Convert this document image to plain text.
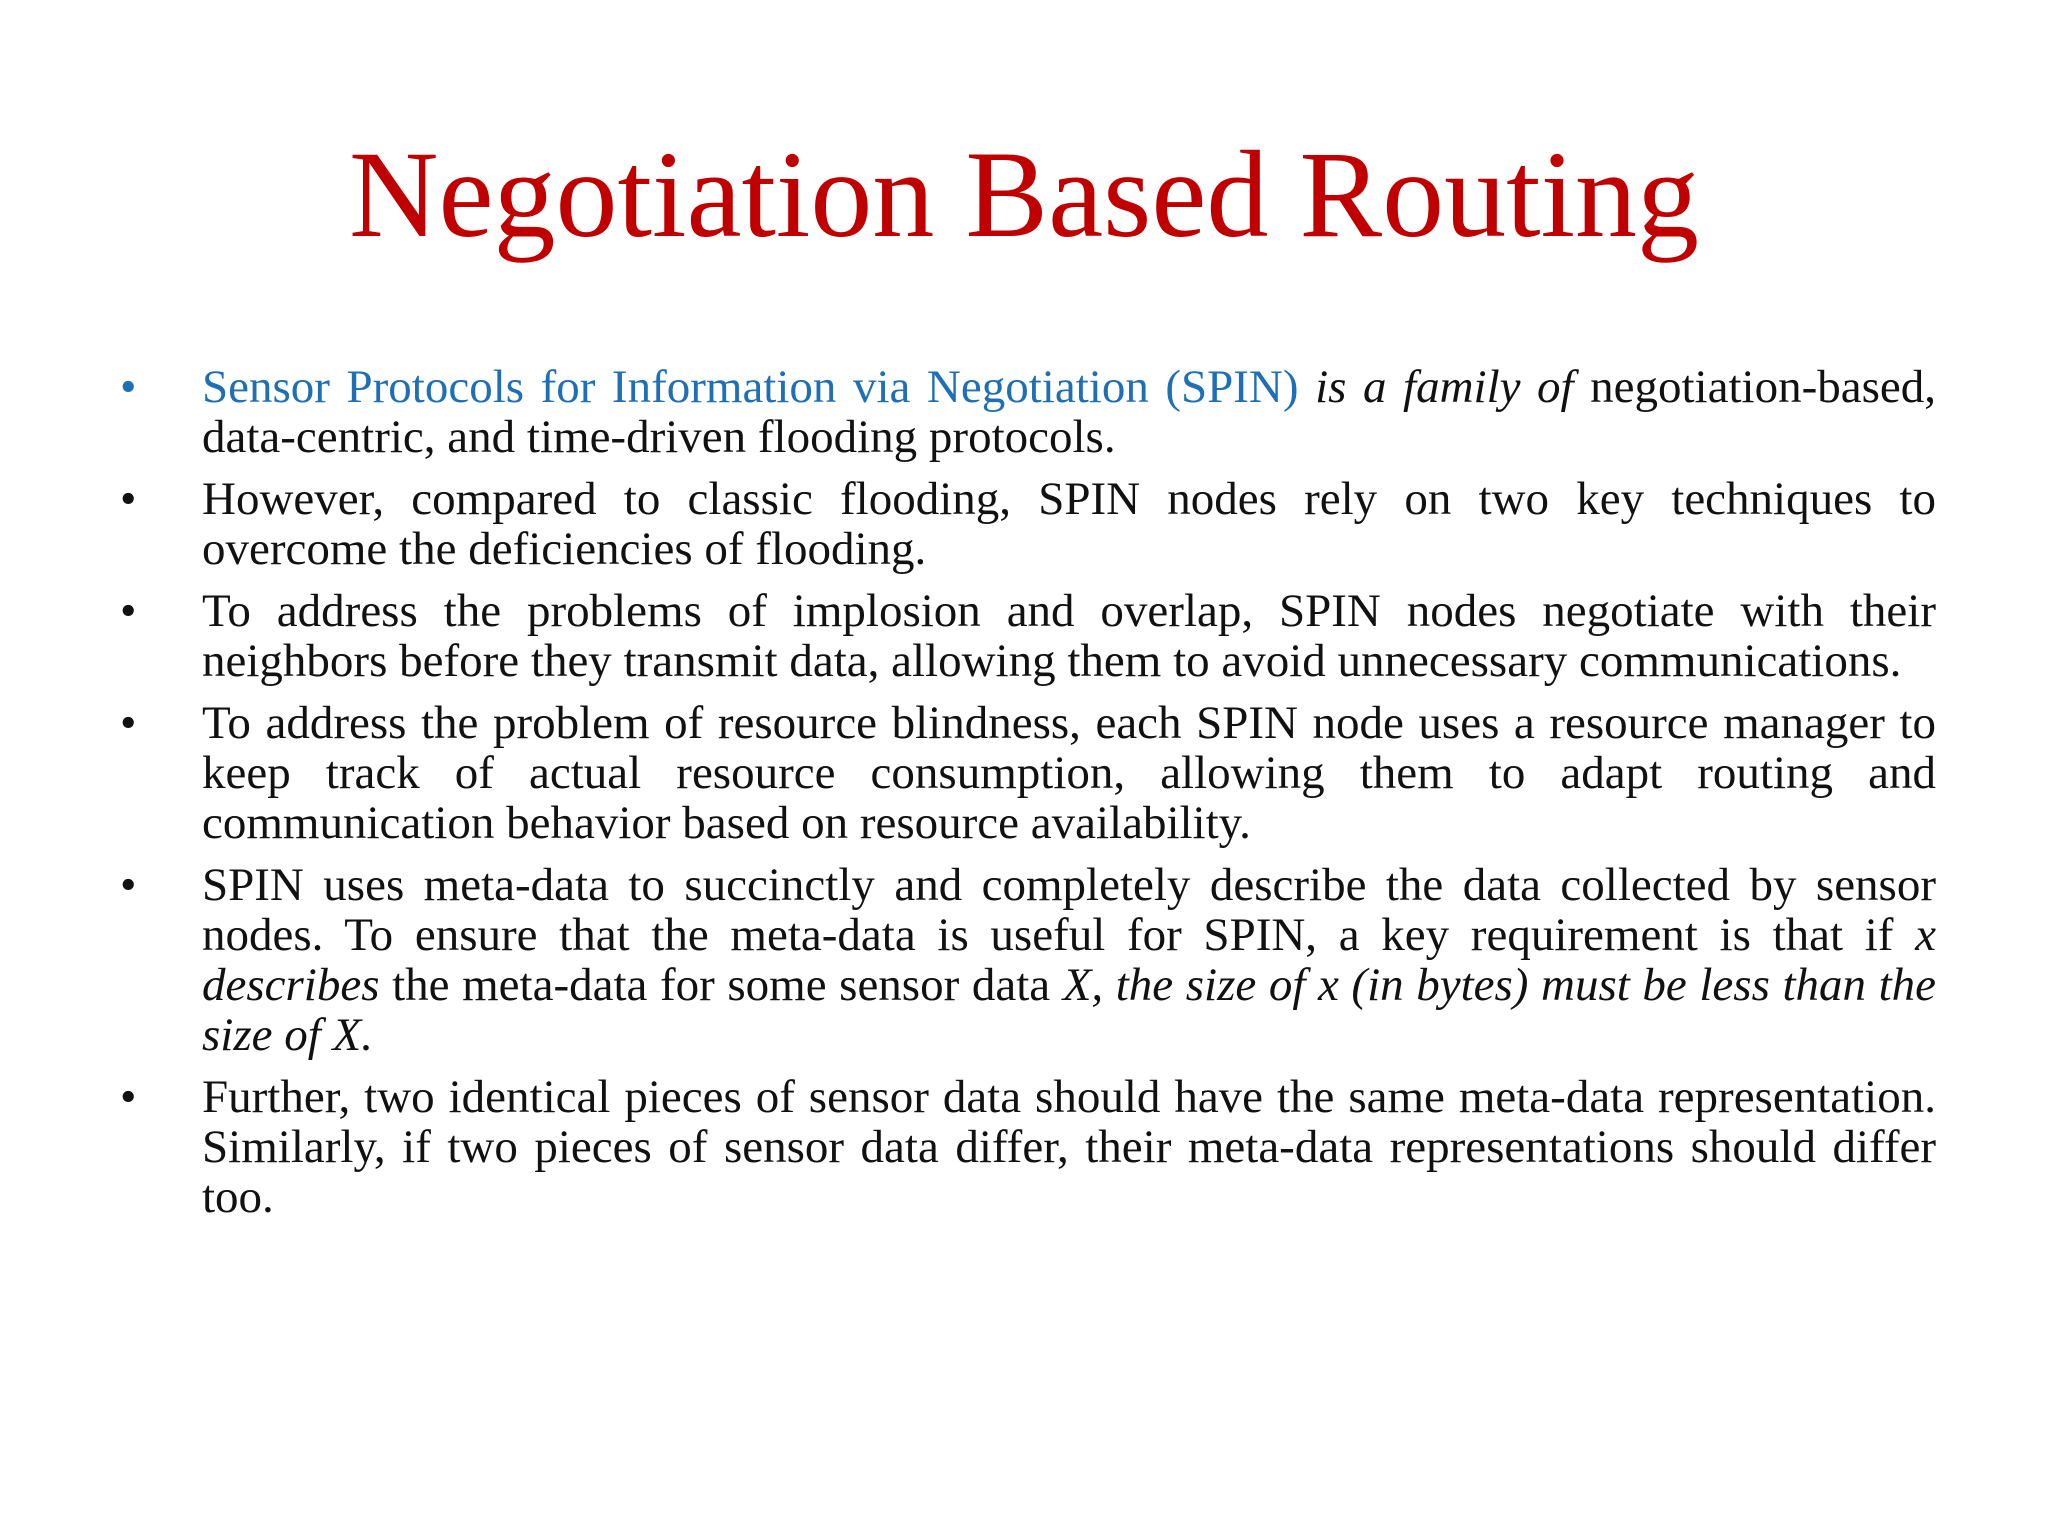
Negotiation Based Routing
•	Sensor Protocols for Information via Negotiation (SPIN) is a family of negotiation-based, data-centric, and time-driven flooding protocols.
•	However, compared to classic flooding, SPIN nodes rely on two key techniques to overcome the deficiencies of flooding.
•	To address the problems of implosion and overlap, SPIN nodes negotiate with their neighbors before they transmit data, allowing them to avoid unnecessary communications.
•	To address the problem of resource blindness, each SPIN node uses a resource manager to keep track of actual resource consumption, allowing them to adapt routing and communication behavior based on resource availability.
•	SPIN uses meta-data to succinctly and completely describe the data collected by sensor nodes. To ensure that the meta-data is useful for SPIN, a key requirement is that if x describes the meta-data for some sensor data X, the size of x (in bytes) must be less than the size of X.
•	Further, two identical pieces of sensor data should have the same meta-data representation. Similarly, if two pieces of sensor data differ, their meta-data representations should differ too.
